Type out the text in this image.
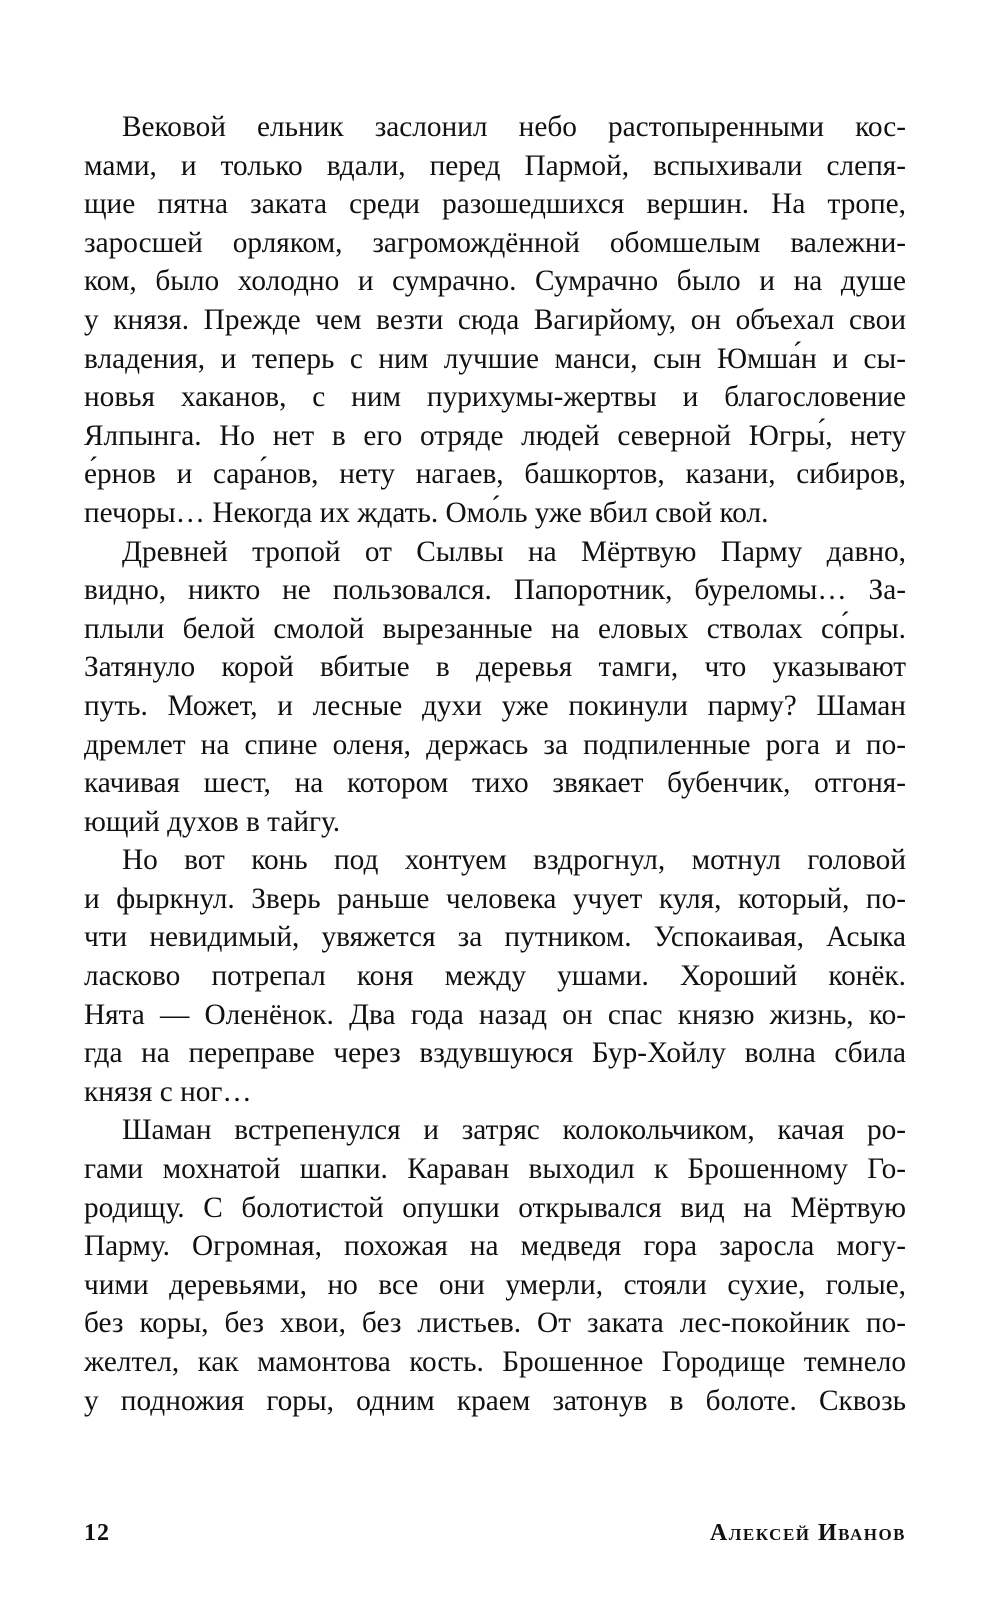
Вековой ельник заслонил небо растопыренными кос-
мами, и только вдали, перед Пармой, вспыхивали слепя-
щие пятна заката среди разошедшихся вершин. На тропе,
заросшей орляком, загромождённой обомшелым валежни-
ком, было холодно и сумрачно. Сумрачно было и на душе
у князя. Прежде чем везти сюда Вагирйому, он объехал свои
владения, и теперь с ним лучшие манси, сын Юмша́н и сы-
новья хаканов, с ним пурихумы-жертвы и благословение
Ялпынга. Но нет в его отряде людей северной Югры́, нету
е́рнов и сара́нов, нету нагаев, башкортов, казани, сибиров,
печоры… Некогда их ждать. Омо́ль уже вбил свой кол.
Древней тропой от Сылвы на Мёртвую Парму давно,
видно, никто не пользовался. Папоротник, буреломы… За-
плыли белой смолой вырезанные на еловых стволах со́пры.
Затянуло корой вбитые в деревья тамги, что указывают
путь. Может, и лесные духи уже покинули парму? Шаман
дремлет на спине оленя, держась за подпиленные рога и по-
качивая шест, на котором тихо звякает бубенчик, отгоня-
ющий духов в тайгу.
Но вот конь под хонтуем вздрогнул, мотнул головой
и фыркнул. Зверь раньше человека учует куля, который, по-
чти невидимый, увяжется за путником. Успокаивая, Асыка
ласково потрепал коня между ушами. Хороший конёк.
Нята — Оленёнок. Два года назад он спас князю жизнь, ко-
гда на переправе через вздувшуюся Бур-Хойлу волна сбила
князя с ног…
Шаман встрепенулся и затряс колокольчиком, качая ро-
гами мохнатой шапки. Караван выходил к Брошенному Го-
родищу. С болотистой опушки открывался вид на Мёртвую
Парму. Огромная, похожая на медведя гора заросла могу-
чими деревьями, но все они умерли, стояли сухие, голые,
без коры, без хвои, без листьев. От заката лес-покойник по-
желтел, как мамонтова кость. Брошенное Городище темнело
у подножия горы, одним краем затонув в болоте. Сквозь
12	Алексей Иванов
